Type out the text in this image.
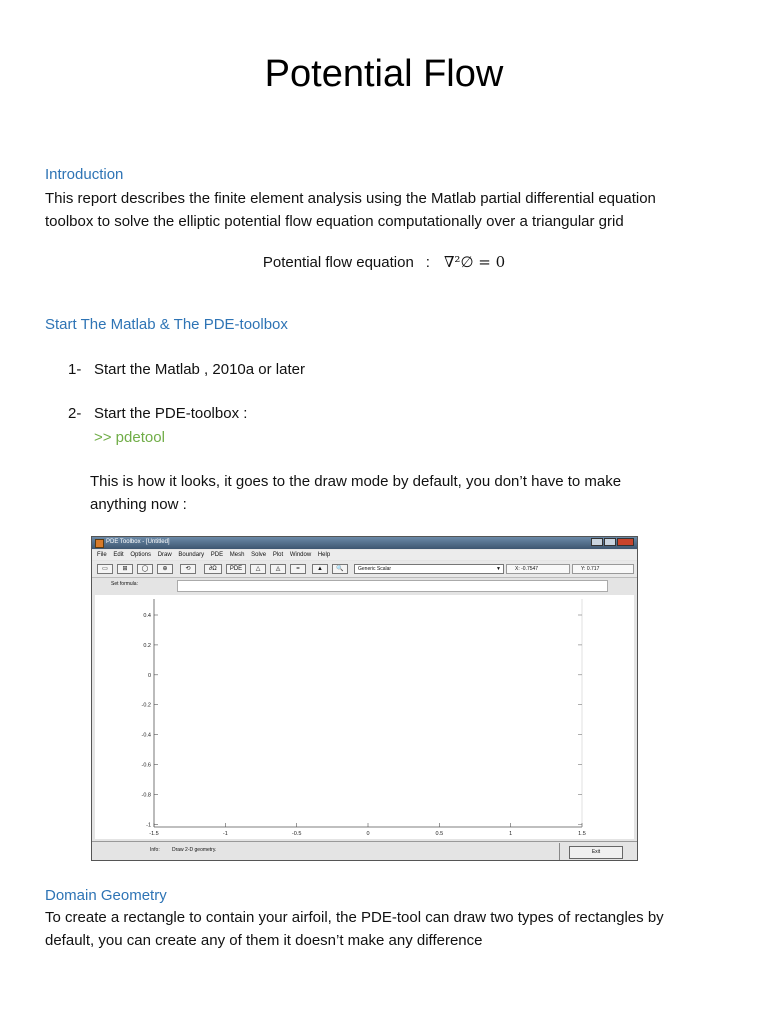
Potential Flow
Introduction
This report describes the finite element analysis using the Matlab partial differential equation
toolbox to solve the elliptic potential flow equation computationally over a triangular grid
Potential flow equation : ∇²∅ = 0
Start The Matlab & The PDE-toolbox
1- Start the Matlab , 2010a or later
2- Start the PDE-toolbox :
>> pdetool
This is how it looks, it goes to the draw mode by default, you don’t have to make
anything now :
PDE Toolbox - [Untitled]
File Edit Options Draw Boundary PDE Mesh Solve Plot Window Help
▭	⊞	◯	⊕	⟲	∂Ω	PDE	△	◬	=	▲	🔍	Generic Scalar	▼	X: -0.7547	Y: 0.717
Set formula:
0.4
0.2
0
-0.2
-0.4
-0.6
-0.8
-1
-1.5	-1	-0.5	0	0.5	1	1.5
Info: Draw 2-D geometry.	Exit
Domain Geometry
To create a rectangle to contain your airfoil, the PDE-tool can draw two types of rectangles by
default, you can create any of them it doesn’t make any difference
